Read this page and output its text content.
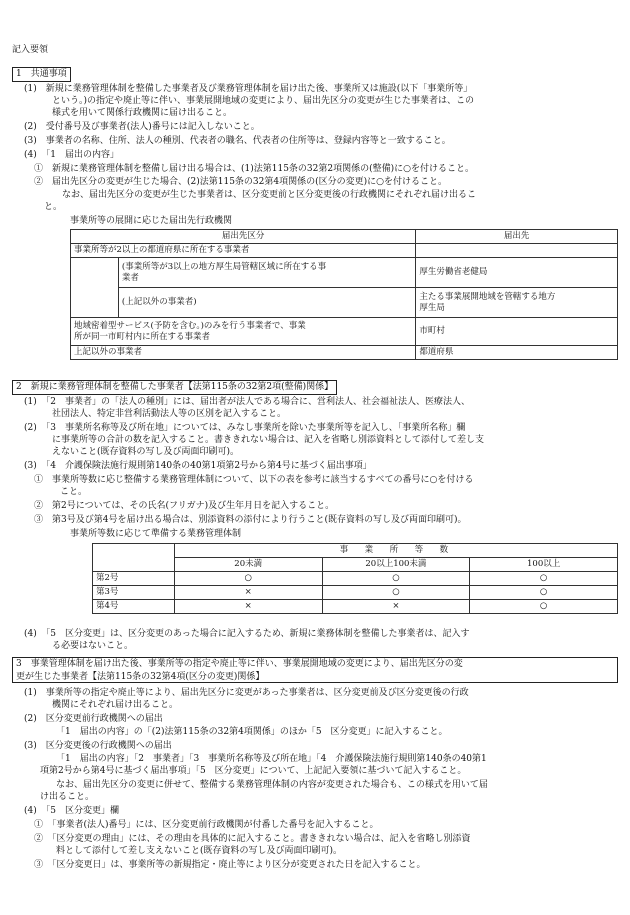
記入要領
1　共通事項
(1)　新規に業務管理体制を整備した事業者及び業務管理体制を届け出た後、事業所又は施設(以下「事業所等」
という。)の指定や廃止等に伴い、事業展開地域の変更により、届出先区分の変更が生じた事業者は、この
様式を用いて関係行政機関に届け出ること。
(2)　受付番号及び事業者(法人)番号には記入しないこと。
(3)　事業者の名称、住所、法人の種別、代表者の職名、代表者の住所等は、登録内容等と一致すること。
(4)　「1　届出の内容」
①　新規に業務管理体制を整備し届け出る場合は、(1)法第115条の32第2項関係の(整備)に○を付けること。
②　届出先区分の変更が生じた場合、(2)法第115条の32第4項関係の(区分の変更)に○を付けること。
なお、届出先区分の変更が生じた事業者は、区分変更前と区分変更後の行政機関にそれぞれ届け出るこ
と。
事業所等の展開に応じた届出先行政機関
届出先区分		届出先
事業所等が2以上の都道府県に所在する事業者		

	(事業所等が3以上の地方厚生局管轄区域に所在する事
業者	厚生労働省老健局
	(上記以外の事業者)	主たる事業展開地域を管轄する地方
厚生局

地域密着型サービス(予防を含む。)のみを行う事業者で、事業
所が同一市町村内に所在する事業者		市町村
上記以外の事業者		都道府県
2　新規に業務管理体制を整備した事業者【法第115条の32第2項(整備)関係】
(1)　「2　事業者」の「法人の種別」には、届出者が法人である場合に、営利法人、社会福祉法人、医療法人、
社団法人、特定非営利活動法人等の区別を記入すること。
(2)　「3　事業所名称等及び所在地」については、みなし事業所を除いた事業所等を記入し、「事業所名称」欄
に事業所等の合計の数を記入すること。書ききれない場合は、記入を省略し別添資料として添付して差し支
えないこと(既存資料の写し及び両面印刷可)。
(3)　「4　介護保険法施行規則第140条の40第1項第2号から第4号に基づく届出事項」
①　事業所等数に応じ整備する業務管理体制について、以下の表を参考に該当するすべての番号に○を付ける
こと。
②　第2号については、その氏名(フリガナ)及び生年月日を記入すること。
③　第3号及び第4号を届け出る場合は、別添資料の添付により行うこと(既存資料の写し及び両面印刷可)。
事業所等数に応じて準備する業務管理体制
	事　業　所　等　数		
	20未満	20以上100未満	100以上
第2号	○	○	○
第3号	×	○	○
第4号	×	×	○
(4)　「5　区分変更」は、区分変更のあった場合に記入するため、新規に業務体制を整備した事業者は、記入す
る必要はないこと。
3　事業管理体制を届け出た後、事業所等の指定や廃止等に伴い、事業展開地域の変更により、届出先区分の変
更が生じた事業者【法第115条の32第4項(区分の変更)関係】
(1)　事業所等の指定や廃止等により、届出先区分に変更があった事業者は、区分変更前及び区分変更後の行政
機関にそれぞれ届け出ること。
(2)　区分変更前行政機関への届出
「1　届出の内容」の「(2)法第115条の32第4項関係」のほか「5　区分変更」に記入すること。
(3)　区分変更後の行政機関への届出
「1　届出の内容」「2　事業者」「3　事業所名称等及び所在地」「4　介護保険法施行規則第140条の40第1
項第2号から第4号に基づく届出事項」「5　区分変更」について、上記記入要領に基づいて記入すること。
なお、届出先区分の変更に併せて、整備する業務管理体制の内容が変更された場合も、この様式を用いて届
け出ること。
(4)　「5　区分変更」欄
①　「事業者(法人)番号」には、区分変更前行政機関が付番した番号を記入すること。
②　「区分変更の理由」には、その理由を具体的に記入すること。書ききれない場合は、記入を省略し別添資
料として添付して差し支えないこと(既存資料の写し及び両面印刷可)。
③　「区分変更日」は、事業所等の新規指定・廃止等により区分が変更された日を記入すること。
